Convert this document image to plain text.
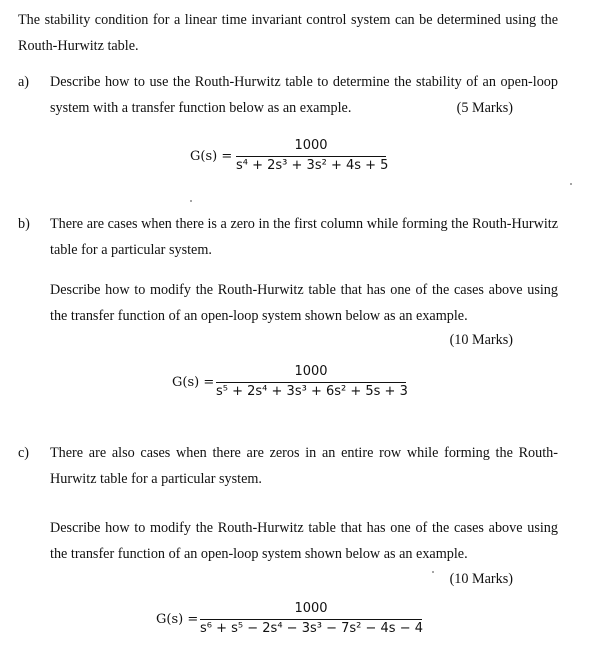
The stability condition for a linear time invariant control system can be determined using the
Routh-Hurwitz table.
a) Describe how to use the Routh-Hurwitz table to determine the stability of an open-loop
system with a transfer function below as an example.	(5 Marks)
G(s) =
1000
s⁴ + 2s³ + 3s² + 4s + 5
b) There are cases when there is a zero in the first column while forming the Routh-Hurwitz
table for a particular system.
Describe how to modify the Routh-Hurwitz table that has one of the cases above using
the transfer function of an open-loop system shown below as an example.
(10 Marks)
G(s) =
1000
s⁵ + 2s⁴ + 3s³ + 6s² + 5s + 3
c) There are also cases when there are zeros in an entire row while forming the Routh-
Hurwitz table for a particular system.
Describe how to modify the Routh-Hurwitz table that has one of the cases above using
the transfer function of an open-loop system shown below as an example.
(10 Marks)
G(s) =
1000
s⁶ + s⁵ − 2s⁴ − 3s³ − 7s² − 4s − 4
